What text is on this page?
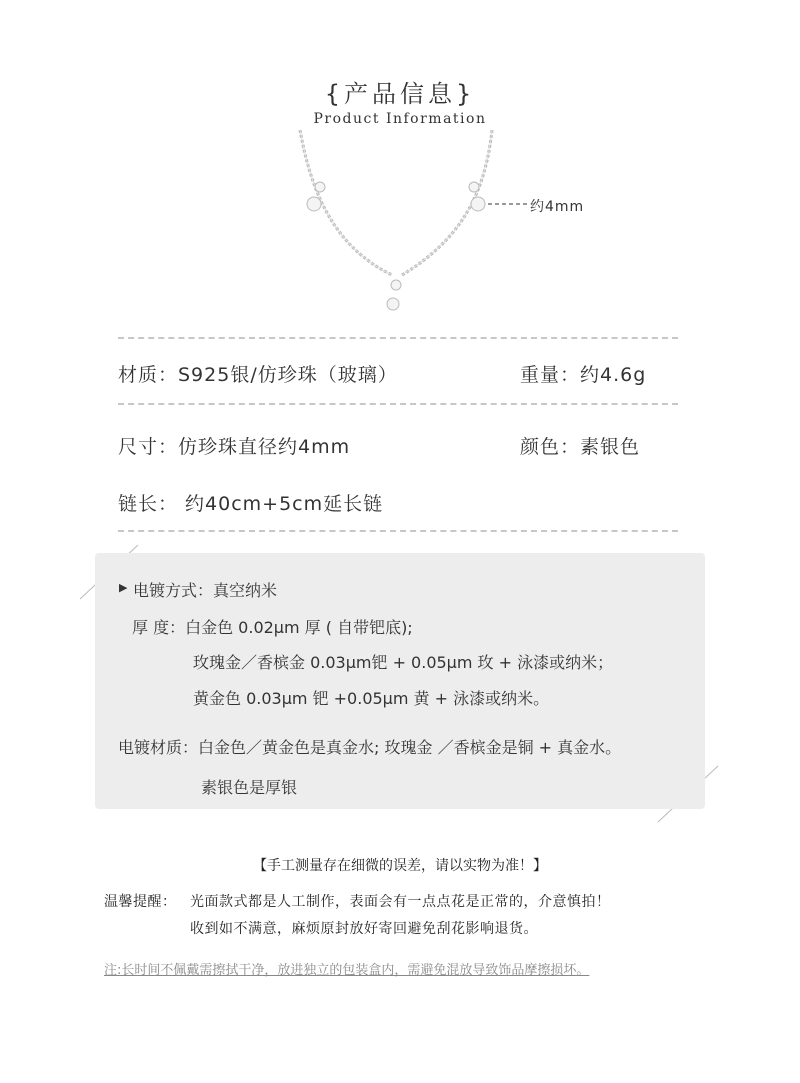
{产品信息}
Product Information
约4mm
材质：S925银/仿珍珠（玻璃）	重量：约4.6g
尺寸：仿珍珠直径约4mm	颜色：素银色
链长： 约40cm+5cm延长链
▶ 电镀方式：真空纳米
厚 度：白金色 0.02μm 厚 ( 自带钯底);
玫瑰金／香槟金 0.03μm钯 + 0.05μm 玫 + 泳漆或纳米；
黄金色 0.03μm 钯 +0.05μm 黄 + 泳漆或纳米。
电镀材质：白金色／黄金色是真金水; 玫瑰金 ／香槟金是铜 + 真金水。
素银色是厚银
【手工测量存在细微的误差，请以实物为准！】
温馨提醒： 光面款式都是人工制作，表面会有一点点花是正常的，介意慎拍！
收到如不满意，麻烦原封放好寄回避免刮花影响退货。
注:长时间不佩戴需擦拭干净，放进独立的包装盒内，需避免混放导致饰品摩擦损坏。
